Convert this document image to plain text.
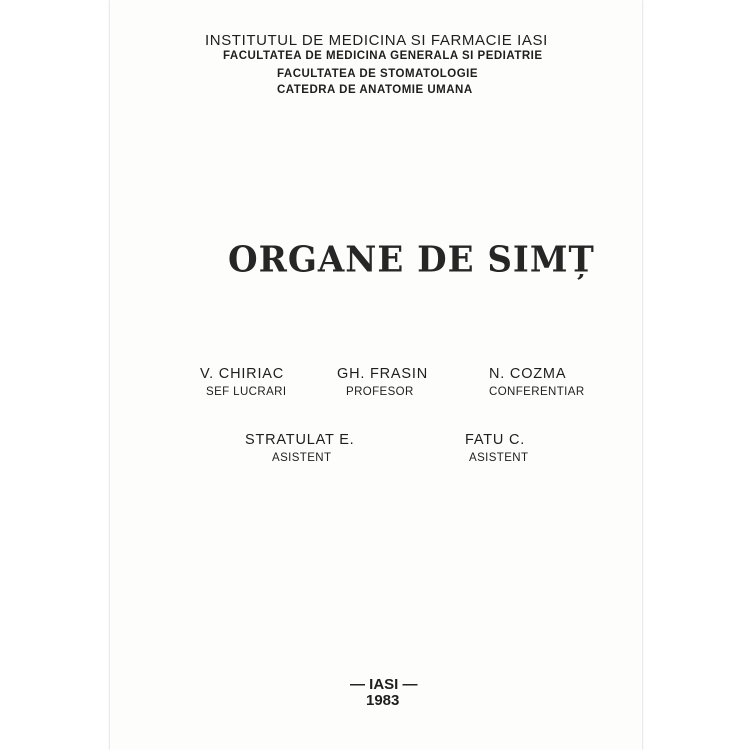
INSTITUTUL DE MEDICINA SI FARMACIE IASI
FACULTATEA DE MEDICINA GENERALA SI PEDIATRIE
FACULTATEA DE STOMATOLOGIE
CATEDRA DE ANATOMIE UMANA
ORGANE DE SIMȚ
V. CHIRIAC
SEF LUCRARI
GH. FRASIN
PROFESOR
N. COZMA
CONFERENTIAR
STRATULAT E.
ASISTENT
FATU C.
ASISTENT
— IASI —
1983
